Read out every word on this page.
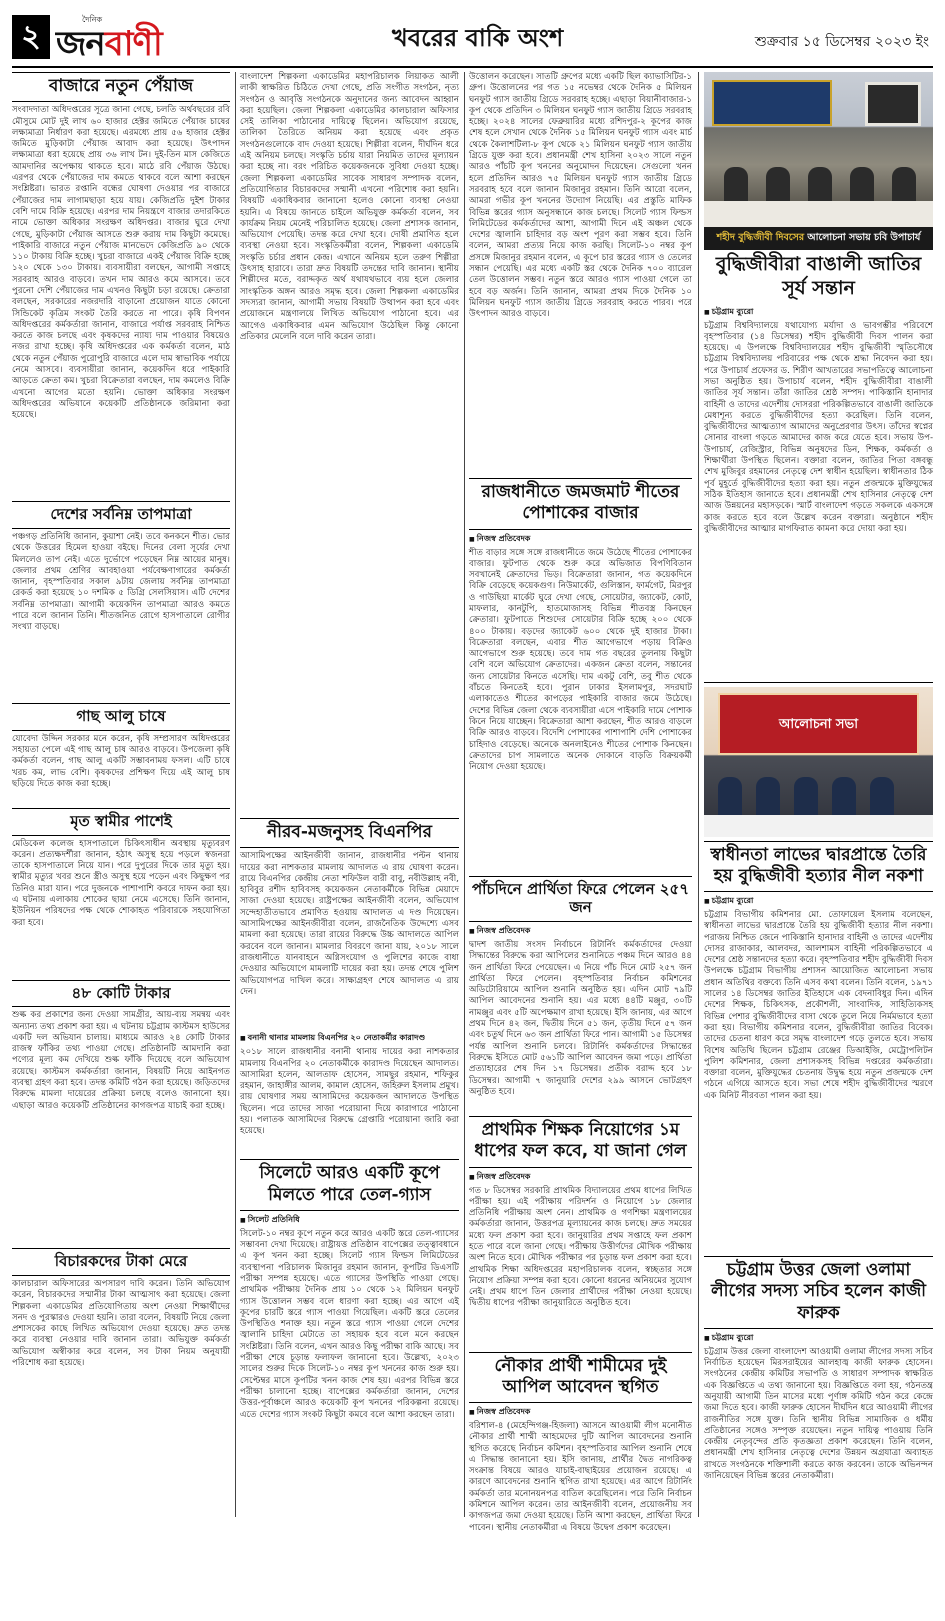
২	দৈনিক
জনবাণী	খবরের বাকি অংশ	শুক্রবার ১৫ ডিসেম্বর ২০২৩ ইং
বাজারে নতুন পেঁয়াজ
সংবাদদাতা অধিদপ্তরের সূত্রে জানা গেছে, চলতি অর্থবছরের রবি মৌসুমে মোট দুই লাখ ৬০ হাজার হেক্টর জমিতে পেঁয়াজ চাষের লক্ষ্যমাত্রা নির্ধারণ করা হয়েছে। এরমধ্যে প্রায় ৫৬ হাজার হেক্টর জমিতে মুড়িকাটা পেঁয়াজ আবাদ করা হয়েছে। উৎপাদন লক্ষ্যমাত্রা ধরা হয়েছে প্রায় ৩৬ লাখ টন। দুই-তিন মাস কেজিতে আমদানির অপেক্ষায় থাকতে হবে। মাঠে রবি পেঁয়াজ উঠছে। এরপর থেকে পেঁয়াজের দাম কমতে থাকবে বলে আশা করছেন সংশ্লিষ্টরা। ভারত রপ্তানি বন্ধের ঘোষণা দেওয়ার পর বাজারে পেঁয়াজের দাম লাগামছাড়া হয়ে যায়। কেজিপ্রতি দুইশ টাকার বেশি দামে বিক্রি হয়েছে। এরপর দাম নিয়ন্ত্রণে বাজার তদারকিতে নামে ভোক্তা অধিকার সংরক্ষণ অধিদপ্তর। বাজার ঘুরে দেখা গেছে, মুড়িকাটা পেঁয়াজ আসতে শুরু করায় দাম কিছুটা কমেছে। পাইকারি বাজারে নতুন পেঁয়াজ মানভেদে কেজিপ্রতি ৯০ থেকে ১১০ টাকায় বিক্রি হচ্ছে। খুচরা বাজারে একই পেঁয়াজ বিক্রি হচ্ছে ১২০ থেকে ১৩০ টাকায়। ব্যবসায়ীরা বলছেন, আগামী সপ্তাহে সরবরাহ আরও বাড়বে। তখন দাম আরও কমে আসবে। তবে পুরনো দেশি পেঁয়াজের দাম এখনও কিছুটা চড়া রয়েছে। ক্রেতারা বলছেন, সরকারের নজরদারি বাড়ানো প্রয়োজন যাতে কোনো সিন্ডিকেট কৃত্রিম সংকট তৈরি করতে না পারে। কৃষি বিপণন অধিদপ্তরের কর্মকর্তারা জানান, বাজারে পর্যাপ্ত সরবরাহ নিশ্চিত করতে কাজ চলছে এবং কৃষকদের ন্যায্য দাম পাওয়ার বিষয়েও নজর রাখা হচ্ছে। কৃষি অধিদপ্তরের এক কর্মকর্তা বলেন, মাঠ থেকে নতুন পেঁয়াজ পুরোপুরি বাজারে এলে দাম স্বাভাবিক পর্যায়ে নেমে আসবে। ব্যবসায়ীরা জানান, কয়েকদিন ধরে পাইকারি আড়তে ক্রেতা কম। খুচরা বিক্রেতারা বলছেন, দাম কমলেও বিক্রি এখনো আগের মতো হয়নি। ভোক্তা অধিকার সংরক্ষণ অধিদপ্তরের অভিযানে কয়েকটি প্রতিষ্ঠানকে জরিমানা করা হয়েছে।
দেশের সর্বনিম্ন তাপমাত্রা
পঞ্চগড় প্রতিনিধি জানান, কুয়াশা নেই। তবে কনকনে শীত। ভোর থেকে উত্তরের হিমেল হাওয়া বইছে। দিনের বেলা সূর্যের দেখা মিললেও তাপ নেই। এতে দুর্ভোগে পড়েছেন নিম্ন আয়ের মানুষ। জেলার প্রথম শ্রেণির আবহাওয়া পর্যবেক্ষণাগারের কর্মকর্তা জানান, বৃহস্পতিবার সকাল ৯টায় জেলায় সর্বনিম্ন তাপমাত্রা রেকর্ড করা হয়েছে ১০ দশমিক ৫ ডিগ্রি সেলসিয়াস। এটি দেশের সর্বনিম্ন তাপমাত্রা। আগামী কয়েকদিন তাপমাত্রা আরও কমতে পারে বলে জানান তিনি। শীতজনিত রোগে হাসপাতালে রোগীর সংখ্যা বাড়ছে।
গাছ আলু চাষে
যোবেদা উদ্দিন সরকার মনে করেন, কৃষি সম্প্রসারণ অধিদপ্তরের সহায়তা পেলে এই গাছ আলু চাষ আরও বাড়বে। উপজেলা কৃষি কর্মকর্তা বলেন, গাছ আলু একটি সম্ভাবনাময় ফসল। এটি চাষে খরচ কম, লাভ বেশি। কৃষকদের প্রশিক্ষণ দিয়ে এই আলু চাষ ছড়িয়ে দিতে কাজ করা হচ্ছে।
মৃত স্বামীর পাশেই
মেডিকেল কলেজ হাসপাতালে চিকিৎসাধীন অবস্থায় মৃত্যুবরণ করেন। প্রত্যক্ষদর্শীরা জানান, হঠাৎ অসুস্থ হয়ে পড়লে স্বজনরা তাকে হাসপাতালে নিয়ে যান। পরে দুপুরের দিকে তার মৃত্যু হয়। স্বামীর মৃত্যুর খবর শুনে স্ত্রীও অসুস্থ হয়ে পড়েন এবং কিছুক্ষণ পর তিনিও মারা যান। পরে দুজনকে পাশাপাশি কবরে দাফন করা হয়। এ ঘটনায় এলাকায় শোকের ছায়া নেমে এসেছে। তিনি জানান, ইউনিয়ন পরিষদের পক্ষ থেকে শোকাহত পরিবারকে সহযোগিতা করা হবে।
৪৮ কোটি টাকার
শুল্ক কর প্রকাশের জন্য দেওয়া সামগ্রীর, আয়-ব্যয় সমন্বয় এবং অন্যান্য তথ্য প্রকাশ করা হয়। এ ঘটনায় চট্টগ্রাম কাস্টমস হাউসের একটি দল অভিযান চালায়। মাধ্যমে আরও ২৪ কোটি টাকার রাজস্ব ফাঁকির তথ্য পাওয়া গেছে। প্রতিষ্ঠানটি আমদানি করা পণ্যের মূল্য কম দেখিয়ে শুল্ক ফাঁকি দিয়েছে বলে অভিযোগ রয়েছে। কাস্টমস কর্মকর্তারা জানান, বিষয়টি নিয়ে আইনগত ব্যবস্থা গ্রহণ করা হবে। তদন্ত কমিটি গঠন করা হয়েছে। জড়িতদের বিরুদ্ধে মামলা দায়েরের প্রক্রিয়া চলছে বলেও জানানো হয়। এছাড়া আরও কয়েকটি প্রতিষ্ঠানের কাগজপত্র যাচাই করা হচ্ছে।
বিচারকদের টাকা মেরে
কালচারাল অফিসারের অপসারণ দাবি করেন। তিনি অভিযোগ করেন, বিচারকদের সম্মানীর টাকা আত্মসাৎ করা হয়েছে। জেলা শিল্পকলা একাডেমির প্রতিযোগিতায় অংশ নেওয়া শিক্ষার্থীদের সনদ ও পুরস্কারও দেওয়া হয়নি। তারা বলেন, বিষয়টি নিয়ে জেলা প্রশাসকের কাছে লিখিত অভিযোগ দেওয়া হয়েছে। দ্রুত তদন্ত করে ব্যবস্থা নেওয়ার দাবি জানান তারা। অভিযুক্ত কর্মকর্তা অভিযোগ অস্বীকার করে বলেন, সব টাকা নিয়ম অনুযায়ী পরিশোধ করা হয়েছে।
বাংলাদেশ শিল্পকলা একাডেমির মহাপরিচালক লিয়াকত আলী লাকী স্বাক্ষরিত চিঠিতে দেখা গেছে, প্রতি সংগীত সংগঠন, নৃত্য সংগঠন ও আবৃত্তি সংগঠনকে অনুদানের জন্য আবেদন আহ্বান করা হয়েছিল। জেলা শিল্পকলা একাডেমির কালচারাল অফিসার সেই তালিকা পাঠানোর দায়িত্বে ছিলেন। অভিযোগ রয়েছে, তালিকা তৈরিতে অনিয়ম করা হয়েছে এবং প্রকৃত সংগঠনগুলোকে বাদ দেওয়া হয়েছে। শিল্পীরা বলেন, দীর্ঘদিন ধরে এই অনিয়ম চলছে। সংস্কৃতি চর্চায় যারা নিয়মিত তাদের মূল্যায়ন করা হচ্ছে না। বরং পরিচিত কয়েকজনকে সুবিধা দেওয়া হচ্ছে। জেলা শিল্পকলা একাডেমির সাবেক সাধারণ সম্পাদক বলেন, প্রতিযোগিতার বিচারকদের সম্মানী এখনো পরিশোধ করা হয়নি। বিষয়টি একাধিকবার জানানো হলেও কোনো ব্যবস্থা নেওয়া হয়নি। এ বিষয়ে জানতে চাইলে অভিযুক্ত কর্মকর্তা বলেন, সব কার্যক্রম নিয়ম মেনেই পরিচালিত হয়েছে। জেলা প্রশাসক জানান, অভিযোগ পেয়েছি। তদন্ত করে দেখা হবে। দোষী প্রমাণিত হলে ব্যবস্থা নেওয়া হবে। সংস্কৃতিকর্মীরা বলেন, শিল্পকলা একাডেমি সংস্কৃতি চর্চার প্রধান কেন্দ্র। এখানে অনিয়ম হলে তরুণ শিল্পীরা উৎসাহ হারাবে। তারা দ্রুত বিষয়টি তদন্তের দাবি জানান। স্থানীয় শিল্পীদের মতে, বরাদ্দকৃত অর্থ যথাযথভাবে ব্যয় হলে জেলার সাংস্কৃতিক অঙ্গন আরও সমৃদ্ধ হবে। জেলা শিল্পকলা একাডেমির সদস্যরা জানান, আগামী সভায় বিষয়টি উত্থাপন করা হবে এবং প্রয়োজনে মন্ত্রণালয়ে লিখিত অভিযোগ পাঠানো হবে। এর আগেও একাধিকবার এমন অভিযোগ উঠেছিল কিন্তু কোনো প্রতিকার মেলেনি বলে দাবি করেন তারা।
নীরব-মজনুসহ বিএনপির
আসামিপক্ষের আইনজীবী জানান, রাজধানীর পল্টন থানায় দায়ের করা নাশকতার মামলায় আদালত এ রায় ঘোষণা করেন। রায়ে বিএনপির কেন্দ্রীয় নেতা শফিউল বারী বাবু, নবীউল্লাহ নবী, হাবিবুর রশীদ হাবিবসহ কয়েকজন নেতাকর্মীকে বিভিন্ন মেয়াদে সাজা দেওয়া হয়েছে। রাষ্ট্রপক্ষের আইনজীবী বলেন, অভিযোগ সন্দেহাতীতভাবে প্রমাণিত হওয়ায় আদালত এ দণ্ড দিয়েছেন। আসামিপক্ষের আইনজীবীরা বলেন, রাজনৈতিক উদ্দেশ্যে এসব মামলা করা হয়েছে। তারা রায়ের বিরুদ্ধে উচ্চ আদালতে আপিল করবেন বলে জানান। মামলার বিবরণে জানা যায়, ২০১৮ সালে রাজধানীতে যানবাহনে অগ্নিসংযোগ ও পুলিশের কাজে বাধা দেওয়ার অভিযোগে মামলাটি দায়ের করা হয়। তদন্ত শেষে পুলিশ অভিযোগপত্র দাখিল করে। সাক্ষ্যগ্রহণ শেষে আদালত এ রায় দেন।
■ বনানী থানার মামলায় বিএনপির ২০ নেতাকর্মীর কারাদণ্ড
২০১৮ সালে রাজধানীর বনানী থানায় দায়ের করা নাশকতার মামলায় বিএনপির ২০ নেতাকর্মীকে কারাদণ্ড দিয়েছেন আদালত। আসামিরা হলেন, আলতাফ হোসেন, সামছুর রহমান, শফিকুর রহমান, জাহাঙ্গীর আলম, কামাল হোসেন, জহিরুল ইসলাম প্রমুখ। রায় ঘোষণার সময় আসামিদের কয়েকজন আদালতে উপস্থিত ছিলেন। পরে তাদের সাজা পরোয়ানা দিয়ে কারাগারে পাঠানো হয়। পলাতক আসামিদের বিরুদ্ধে গ্রেপ্তারি পরোয়ানা জারি করা হয়েছে।
সিলেটে আরও একটি কূপে মিলতে পারে তেল-গ্যাস
■ সিলেট প্রতিনিধি
সিলেট-১০ নম্বর কূপে নতুন করে আরও একটি স্তরে তেল-গ্যাসের সম্ভাবনা দেখা দিয়েছে। রাষ্ট্রায়ত্ত প্রতিষ্ঠান বাপেক্সের তত্ত্বাবধানে এ কূপ খনন করা হচ্ছে। সিলেট গ্যাস ফিল্ডস লিমিটেডের ব্যবস্থাপনা পরিচালক মিজানুর রহমান জানান, কূপটির ডিএসটি পরীক্ষা সম্পন্ন হয়েছে। এতে গ্যাসের উপস্থিতি পাওয়া গেছে। প্রাথমিক পরীক্ষায় দৈনিক প্রায় ১০ থেকে ১২ মিলিয়ন ঘনফুট গ্যাস উত্তোলন সম্ভব বলে ধারণা করা হচ্ছে। এর আগে এই কূপের চারটি স্তরে গ্যাস পাওয়া গিয়েছিল। একটি স্তরে তেলের উপস্থিতিও শনাক্ত হয়। নতুন স্তরে গ্যাস পাওয়া গেলে দেশের জ্বালানি চাহিদা মেটাতে তা সহায়ক হবে বলে মনে করছেন সংশ্লিষ্টরা। তিনি বলেন, এখন আরও কিছু পরীক্ষা বাকি আছে। সব পরীক্ষা শেষে চূড়ান্ত ফলাফল জানানো হবে। উল্লেখ্য, ২০২৩ সালের শুরুর দিকে সিলেট-১০ নম্বর কূপ খননের কাজ শুরু হয়। সেপ্টেম্বর মাসে কূপটির খনন কাজ শেষ হয়। এরপর বিভিন্ন স্তরে পরীক্ষা চালানো হচ্ছে। বাপেক্সের কর্মকর্তারা জানান, দেশের উত্তর-পূর্বাঞ্চলে আরও কয়েকটি কূপ খননের পরিকল্পনা রয়েছে। এতে দেশের গ্যাস সংকট কিছুটা কমবে বলে আশা করছেন তারা।
উত্তোলন করেছেন। সাতটি গ্রুপের মধ্যে একটি ছিল ক্যাভাসিটির-১ গ্রুপ। উত্তোলনের পর গত ১৫ নভেম্বর থেকে দৈনিক ৫ মিলিয়ন ঘনফুট গ্যাস জাতীয় গ্রিডে সরবরাহ হচ্ছে। এছাড়া বিয়ানীবাজার-১ কূপ থেকে প্রতিদিন ৩ মিলিয়ন ঘনফুট গ্যাস জাতীয় গ্রিডে সরবরাহ হচ্ছে। ২০২৪ সালের ফেব্রুয়ারির মধ্যে রশিদপুর-২ কূপের কাজ শেষ হলে সেখান থেকে দৈনিক ১৫ মিলিয়ন ঘনফুট গ্যাস এবং মার্চ থেকে কৈলাশটিলা-৮ কূপ থেকে ২১ মিলিয়ন ঘনফুট গ্যাস জাতীয় গ্রিডে যুক্ত করা হবে। প্রধানমন্ত্রী শেখ হাসিনা ২০২৩ সালে নতুন আরও পাঁচটি কূপ খননের অনুমোদন দিয়েছেন। সেগুলো খনন হলে প্রতিদিন আরও ৭৫ মিলিয়ন ঘনফুট গ্যাস জাতীয় গ্রিডে সরবরাহ হবে বলে জানান মিজানুর রহমান। তিনি আরো বলেন, আমরা গভীর কূপ খননের উদ্যোগ নিয়েছি। এর প্রস্তুতি মাফিক বিভিন্ন স্তরের গ্যাস অনুসন্ধানে কাজ চলছে। সিলেট গ্যাস ফিল্ডস লিমিটেডের কর্মকর্তাদের আশা, আগামী দিনে এই অঞ্চল থেকে দেশের জ্বালানি চাহিদার বড় অংশ পূরণ করা সম্ভব হবে। তিনি বলেন, আমরা প্রত্যয় নিয়ে কাজ করছি। সিলেট-১০ নম্বর কূপ প্রসঙ্গে মিজানুর রহমান বলেন, এ কূপে চার স্তরের গ্যাস ও তেলের সন্ধান পেয়েছি। এর মধ্যে একটি স্তর থেকে দৈনিক ৭০০ ব্যারেল তেল উত্তোলন সম্ভব। নতুন স্তরে আরও গ্যাস পাওয়া গেলে তা হবে বড় অর্জন। তিনি জানান, আমরা প্রথম দিকে দৈনিক ১০ মিলিয়ন ঘনফুট গ্যাস জাতীয় গ্রিডে সরবরাহ করতে পারব। পরে উৎপাদন আরও বাড়বে।
রাজধানীতে জমজমাট শীতের পোশাকের বাজার
■ নিজস্ব প্রতিবেদক
শীত বাড়ার সঙ্গে সঙ্গে রাজধানীতে জমে উঠেছে শীতের পোশাকের বাজার। ফুটপাত থেকে শুরু করে অভিজাত বিপণিবিতান সবখানেই ক্রেতাদের ভিড়। বিক্রেতারা জানান, গত কয়েকদিনে বিক্রি বেড়েছে কয়েকগুণ। নিউমার্কেট, গুলিস্তান, ফার্মগেট, মিরপুর ও গাউছিয়া মার্কেট ঘুরে দেখা গেছে, সোয়েটার, জ্যাকেট, কোট, মাফলার, কানটুপি, হাতমোজাসহ বিভিন্ন শীতবস্ত্র কিনছেন ক্রেতারা। ফুটপাতে শিশুদের সোয়েটার বিক্রি হচ্ছে ২০০ থেকে ৪০০ টাকায়। বড়দের জ্যাকেট ৬০০ থেকে দুই হাজার টাকা। বিক্রেতারা বলছেন, এবার শীত আগেভাগে পড়ায় বিক্রিও আগেভাগে শুরু হয়েছে। তবে দাম গত বছরের তুলনায় কিছুটা বেশি বলে অভিযোগ ক্রেতাদের। একজন ক্রেতা বলেন, সন্তানের জন্য সোয়েটার কিনতে এসেছি। দাম একটু বেশি, তবু শীত থেকে বাঁচতে কিনতেই হবে। পুরান ঢাকার ইসলামপুর, সদরঘাট এলাকাতেও শীতের কাপড়ের পাইকারি বাজার জমে উঠেছে। দেশের বিভিন্ন জেলা থেকে ব্যবসায়ীরা এসে পাইকারি দামে পোশাক কিনে নিয়ে যাচ্ছেন। বিক্রেতারা আশা করছেন, শীত আরও বাড়লে বিক্রি আরও বাড়বে। বিদেশি পোশাকের পাশাপাশি দেশি পোশাকের চাহিদাও বেড়েছে। অনেকে অনলাইনেও শীতের পোশাক কিনছেন। ক্রেতাদের চাপ সামলাতে অনেক দোকানে বাড়তি বিক্রয়কর্মী নিয়োগ দেওয়া হয়েছে।
পাঁচদিনে প্রার্থিতা ফিরে পেলেন ২৫৭ জন
■ নিজস্ব প্রতিবেদক
দ্বাদশ জাতীয় সংসদ নির্বাচনে রিটার্নিং কর্মকর্তাদের দেওয়া সিদ্ধান্তের বিরুদ্ধে করা আপিলের শুনানিতে পঞ্চম দিনে আরও ৪৪ জন প্রার্থিতা ফিরে পেয়েছেন। এ নিয়ে পাঁচ দিনে মোট ২৫৭ জন প্রার্থিতা ফিরে পেলেন। বৃহস্পতিবার নির্বাচন কমিশনের অডিটোরিয়ামে আপিল শুনানি অনুষ্ঠিত হয়। এদিন মোট ৭৯টি আপিল আবেদনের শুনানি হয়। এর মধ্যে ৪৪টি মঞ্জুর, ৩০টি নামঞ্জুর এবং ৫টি অপেক্ষমাণ রাখা হয়েছে। ইসি জানায়, এর আগে প্রথম দিনে ৪২ জন, দ্বিতীয় দিনে ৫১ জন, তৃতীয় দিনে ৫৭ জন এবং চতুর্থ দিনে ৬৩ জন প্রার্থিতা ফিরে পান। আগামী ১৫ ডিসেম্বর পর্যন্ত আপিল শুনানি চলবে। রিটার্নিং কর্মকর্তাদের সিদ্ধান্তের বিরুদ্ধে ইসিতে মোট ৫৬১টি আপিল আবেদন জমা পড়ে। প্রার্থিতা প্রত্যাহারের শেষ দিন ১৭ ডিসেম্বর। প্রতীক বরাদ্দ হবে ১৮ ডিসেম্বর। আগামী ৭ জানুয়ারি দেশের ২৯৯ আসনে ভোটগ্রহণ অনুষ্ঠিত হবে।
প্রাথমিক শিক্ষক নিয়োগের ১ম ধাপের ফল কবে, যা জানা গেল
■ নিজস্ব প্রতিবেদক
গত ৮ ডিসেম্বর সরকারি প্রাথমিক বিদ্যালয়ের প্রথম ধাপের লিখিত পরীক্ষা হয়। এই পরীক্ষায় পরিদর্শন ও নিয়োগে ১৮ জেলার প্রতিনিধি পরীক্ষায় অংশ নেন। প্রাথমিক ও গণশিক্ষা মন্ত্রণালয়ের কর্মকর্তারা জানান, উত্তরপত্র মূল্যায়নের কাজ চলছে। দ্রুত সময়ের মধ্যে ফল প্রকাশ করা হবে। জানুয়ারির প্রথম সপ্তাহে ফল প্রকাশ হতে পারে বলে জানা গেছে। পরীক্ষায় উত্তীর্ণদের মৌখিক পরীক্ষায় অংশ নিতে হবে। মৌখিক পরীক্ষার পর চূড়ান্ত ফল প্রকাশ করা হবে। প্রাথমিক শিক্ষা অধিদপ্তরের মহাপরিচালক বলেন, স্বচ্ছতার সঙ্গে নিয়োগ প্রক্রিয়া সম্পন্ন করা হবে। কোনো ধরনের অনিয়মের সুযোগ নেই। প্রথম ধাপে তিন জেলার প্রার্থীদের পরীক্ষা নেওয়া হয়েছে। দ্বিতীয় ধাপের পরীক্ষা জানুয়ারিতে অনুষ্ঠিত হবে।
নৌকার প্রার্থী শামীমের দুই আপিল আবেদন স্থগিত
■ নিজস্ব প্রতিবেদক
বরিশাল-৪ (মেহেন্দিগঞ্জ-হিজলা) আসনে আওয়ামী লীগ মনোনীত নৌকার প্রার্থী শাম্মী আহমেদের দুটি আপিল আবেদনের শুনানি স্থগিত করেছে নির্বাচন কমিশন। বৃহস্পতিবার আপিল শুনানি শেষে এ সিদ্ধান্ত জানানো হয়। ইসি জানায়, প্রার্থীর দ্বৈত নাগরিকত্ব সংক্রান্ত বিষয়ে আরও যাচাই-বাছাইয়ের প্রয়োজন রয়েছে। এ কারণে আবেদনের শুনানি স্থগিত রাখা হয়েছে। এর আগে রিটার্নিং কর্মকর্তা তার মনোনয়নপত্র বাতিল করেছিলেন। পরে তিনি নির্বাচন কমিশনে আপিল করেন। তার আইনজীবী বলেন, প্রয়োজনীয় সব কাগজপত্র জমা দেওয়া হয়েছে। তিনি আশা করছেন, প্রার্থিতা ফিরে পাবেন। স্থানীয় নেতাকর্মীরা এ বিষয়ে উদ্বেগ প্রকাশ করেছেন।
শহীদ বুদ্ধিজীবী দিবসের আলোচনা সভায় চবি উপাচার্য
বুদ্ধিজীবীরা বাঙালী জাতির সূর্য সন্তান
■ চট্টগ্রাম ব্যুরো
চট্টগ্রাম বিশ্ববিদ্যালয়ে যথাযোগ্য মর্যাদা ও ভাবগম্ভীর পরিবেশে বৃহস্পতিবার (১৪ ডিসেম্বর) শহীদ বুদ্ধিজীবী দিবস পালন করা হয়েছে। এ উপলক্ষে বিশ্ববিদ্যালয়ের শহীদ বুদ্ধিজীবী স্মৃতিসৌধে চট্টগ্রাম বিশ্ববিদ্যালয় পরিবারের পক্ষ থেকে শ্রদ্ধা নিবেদন করা হয়। পরে উপাচার্য প্রফেসর ড. শিরীণ আখতারের সভাপতিত্বে আলোচনা সভা অনুষ্ঠিত হয়। উপাচার্য বলেন, শহীদ বুদ্ধিজীবীরা বাঙালী জাতির সূর্য সন্তান। তাঁরা জাতির শ্রেষ্ঠ সম্পদ। পাকিস্তানি হানাদার বাহিনী ও তাদের এদেশীয় দোসররা পরিকল্পিতভাবে বাঙালী জাতিকে মেধাশূন্য করতে বুদ্ধিজীবীদের হত্যা করেছিল। তিনি বলেন, বুদ্ধিজীবীদের আত্মত্যাগ আমাদের অনুপ্রেরণার উৎস। তাঁদের স্বপ্নের সোনার বাংলা গড়তে আমাদের কাজ করে যেতে হবে। সভায় উপ-উপাচার্য, রেজিস্ট্রার, বিভিন্ন অনুষদের ডিন, শিক্ষক, কর্মকর্তা ও শিক্ষার্থীরা উপস্থিত ছিলেন। বক্তারা বলেন, জাতির পিতা বঙ্গবন্ধু শেখ মুজিবুর রহমানের নেতৃত্বে দেশ স্বাধীন হয়েছিল। স্বাধীনতার ঠিক পূর্ব মুহূর্তে বুদ্ধিজীবীদের হত্যা করা হয়। নতুন প্রজন্মকে মুক্তিযুদ্ধের সঠিক ইতিহাস জানাতে হবে। প্রধানমন্ত্রী শেখ হাসিনার নেতৃত্বে দেশ আজ উন্নয়নের মহাসড়কে। স্মার্ট বাংলাদেশ গড়তে সকলকে একসঙ্গে কাজ করতে হবে বলে উল্লেখ করেন বক্তারা। অনুষ্ঠানে শহীদ বুদ্ধিজীবীদের আত্মার মাগফিরাত কামনা করে দোয়া করা হয়।
আলোচনা সভা
স্বাধীনতা লাভের দ্বারপ্রান্তে তৈরি হয় বুদ্ধিজীবী হত্যার নীল নকশা
■ চট্টগ্রাম ব্যুরো
চট্টগ্রাম বিভাগীয় কমিশনার মো. তোফায়েল ইসলাম বলেছেন, স্বাধীনতা লাভের দ্বারপ্রান্তে তৈরি হয় বুদ্ধিজীবী হত্যার নীল নকশা। পরাজয় নিশ্চিত জেনে পাকিস্তানি হানাদার বাহিনী ও তাদের এদেশীয় দোসর রাজাকার, আলবদর, আলশামস বাহিনী পরিকল্পিতভাবে এ দেশের শ্রেষ্ঠ সন্তানদের হত্যা করে। বৃহস্পতিবার শহীদ বুদ্ধিজীবী দিবস উপলক্ষে চট্টগ্রাম বিভাগীয় প্রশাসন আয়োজিত আলোচনা সভায় প্রধান অতিথির বক্তব্যে তিনি এসব কথা বলেন। তিনি বলেন, ১৯৭১ সালের ১৪ ডিসেম্বর জাতির ইতিহাসে এক বেদনাবিধুর দিন। এদিন দেশের শিক্ষক, চিকিৎসক, প্রকৌশলী, সাংবাদিক, সাহিত্যিকসহ বিভিন্ন পেশার বুদ্ধিজীবীদের বাসা থেকে তুলে নিয়ে নির্মমভাবে হত্যা করা হয়। বিভাগীয় কমিশনার বলেন, বুদ্ধিজীবীরা জাতির বিবেক। তাদের চেতনা ধারণ করে সমৃদ্ধ বাংলাদেশ গড়ে তুলতে হবে। সভায় বিশেষ অতিথি ছিলেন চট্টগ্রাম রেঞ্জের ডিআইজি, মেট্রোপলিটন পুলিশ কমিশনার, জেলা প্রশাসকসহ বিভিন্ন দপ্তরের কর্মকর্তারা। বক্তারা বলেন, মুক্তিযুদ্ধের চেতনায় উদ্বুদ্ধ হয়ে নতুন প্রজন্মকে দেশ গঠনে এগিয়ে আসতে হবে। সভা শেষে শহীদ বুদ্ধিজীবীদের স্মরণে এক মিনিট নীরবতা পালন করা হয়।
চট্টগ্রাম উত্তর জেলা ওলামা লীগের সদস্য সচিব হলেন কাজী ফারুক
■ চট্টগ্রাম ব্যুরো
চট্টগ্রাম উত্তর জেলা বাংলাদেশ আওয়ামী ওলামা লীগের সদস্য সচিব নির্বাচিত হয়েছেন মিরসরাইয়ের আলহাজ্ব কাজী ফারুক হোসেন। সংগঠনের কেন্দ্রীয় কমিটির সভাপতি ও সাধারণ সম্পাদক স্বাক্ষরিত এক বিজ্ঞপ্তিতে এ তথ্য জানানো হয়। বিজ্ঞপ্তিতে বলা হয়, গঠনতন্ত্র অনুযায়ী আগামী তিন মাসের মধ্যে পূর্ণাঙ্গ কমিটি গঠন করে কেন্দ্রে জমা দিতে হবে। কাজী ফারুক হোসেন দীর্ঘদিন ধরে আওয়ামী লীগের রাজনীতির সঙ্গে যুক্ত। তিনি স্থানীয় বিভিন্ন সামাজিক ও ধর্মীয় প্রতিষ্ঠানের সঙ্গেও সম্পৃক্ত রয়েছেন। নতুন দায়িত্ব পাওয়ায় তিনি কেন্দ্রীয় নেতৃবৃন্দের প্রতি কৃতজ্ঞতা প্রকাশ করেছেন। তিনি বলেন, প্রধানমন্ত্রী শেখ হাসিনার নেতৃত্বে দেশের উন্নয়ন অগ্রযাত্রা অব্যাহত রাখতে সংগঠনকে শক্তিশালী করতে কাজ করবেন। তাকে অভিনন্দন জানিয়েছেন বিভিন্ন স্তরের নেতাকর্মীরা।
